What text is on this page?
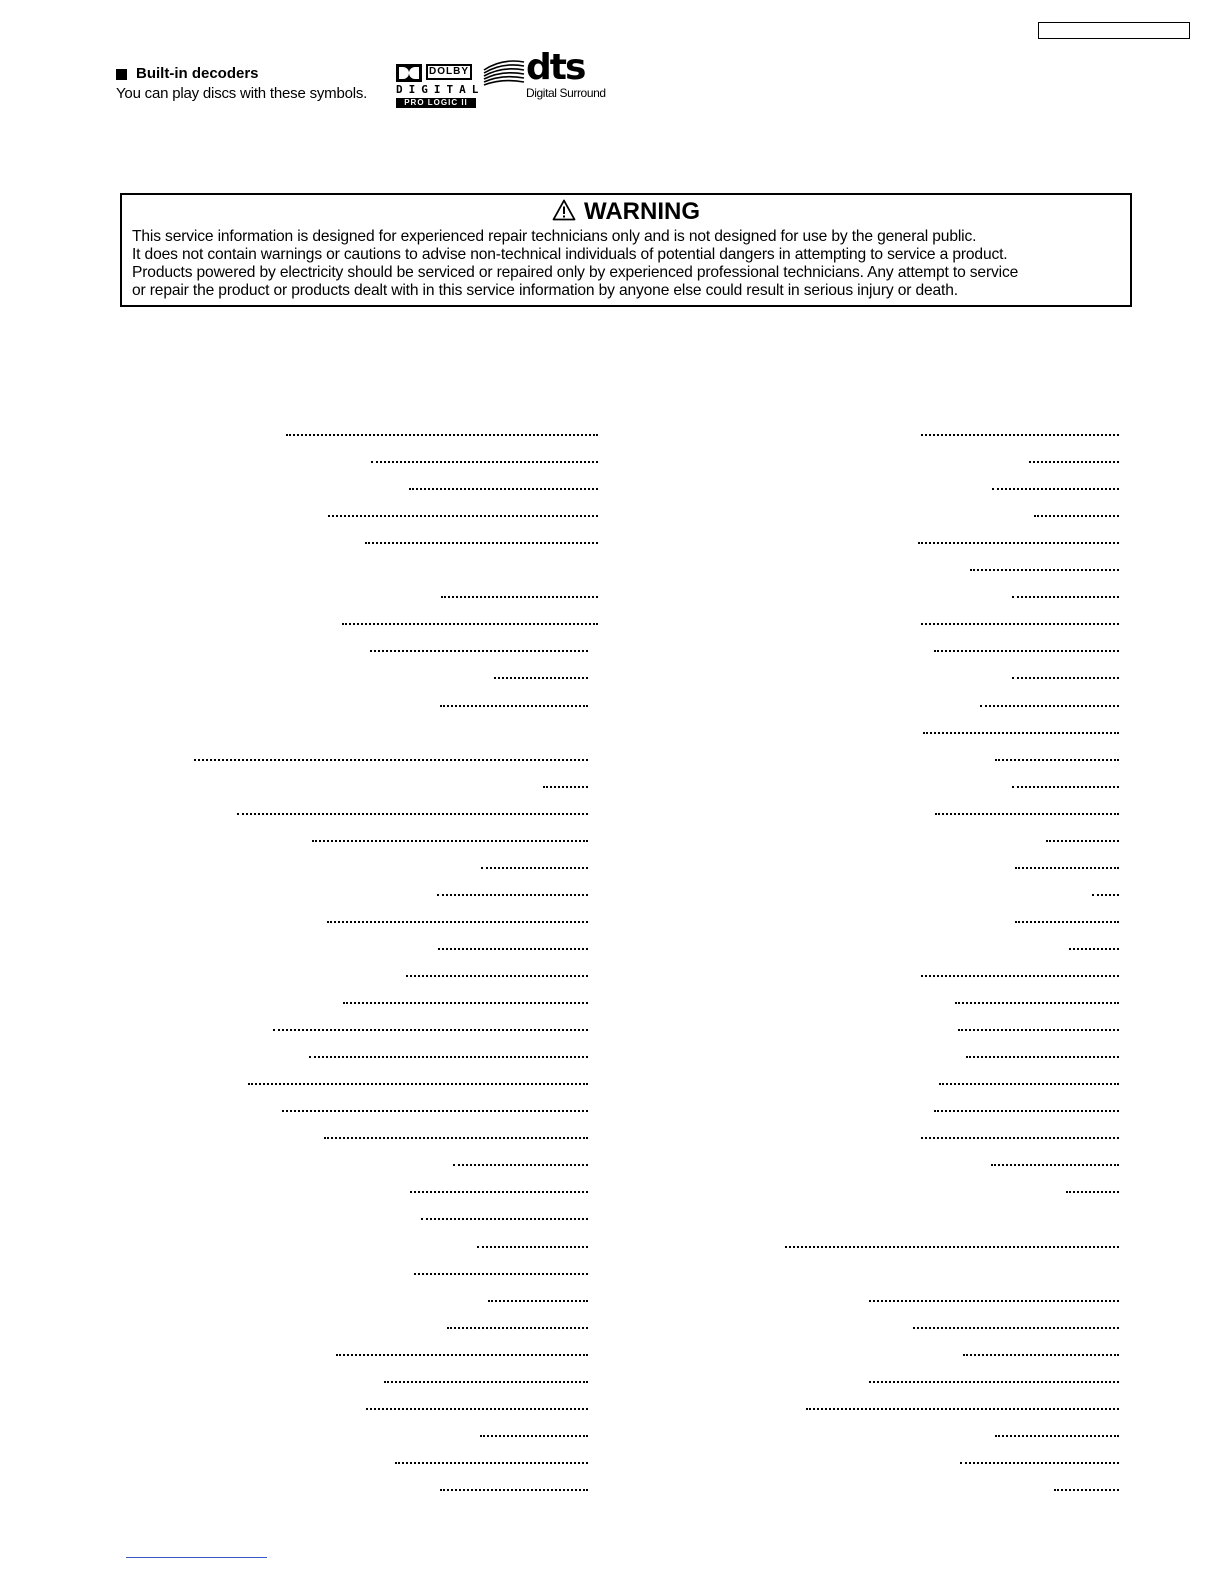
Built-in decoders
You can play discs with these symbols.
DOLBY
DIGITAL
PRO LOGIC II
dts
Digital Surround
WARNING
This service information is designed for experienced repair technicians only and is not designed for use by the general public.
It does not contain warnings or cautions to advise non-technical individuals of potential dangers in attempting to service a product.
Products powered by electricity should be serviced or repaired only by experienced professional technicians. Any attempt to service
or repair the product or products dealt with in this service information by anyone else could result in serious injury or death.
